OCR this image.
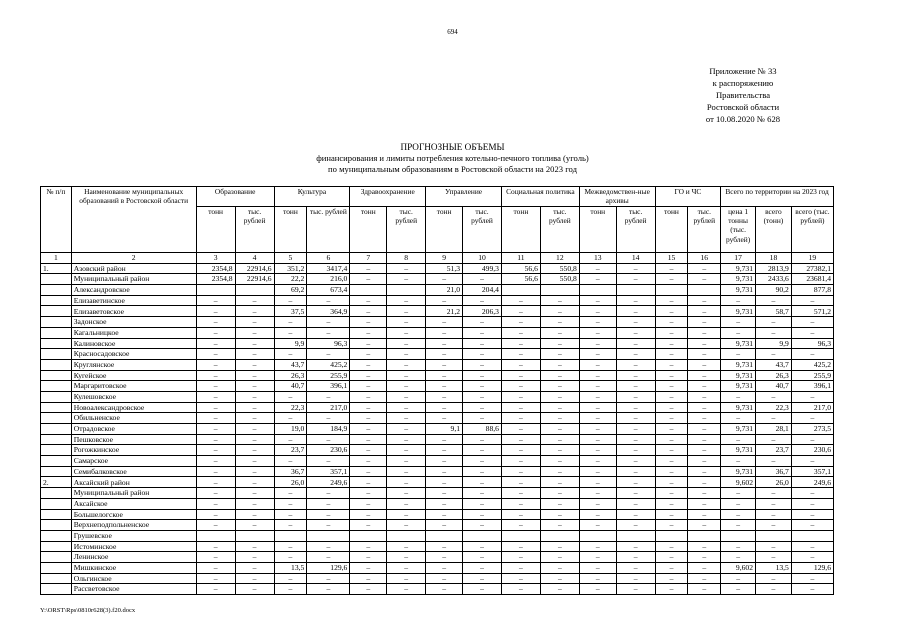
694
Приложение № 33
к распоряжению
Правительства
Ростовской области
от 10.08.2020 № 628
ПРОГНОЗНЫЕ ОБЪЕМЫ
финансирования и лимиты потребления котельно-печного топлива (уголь)
по муниципальным образованиям в Ростовской области на 2023 год
№ п/п	Наименование муниципальных образований в Ростовской области	Образование		Культура		Здравоохранение		Управление		Социальная политика		Межведомствен-ные архивы		ГО и ЧС		Всего по территории на 2023 год		
		тонн	тыс. рублей	тонн	тыс. рублей	тонн	тыс. рублей	тонн	тыс. рублей	тонн	тыс. рублей	тонн	тыс. рублей	тонн	тыс. рублей	цена 1 тонны (тыс. рублей)	всего (тонн)	всего (тыс. рублей)
1	2	3	4	5	6	7	8	9	10	11	12	13	14	15	16	17	18	19
1.	Азовский район	2354,8	22914,6	351,2	3417,4	–	–	51,3	499,3	56,6	550,8	–	–	–	–	9,731	2813,9	27382,1
	Муниципальный район	2354,8	22914,6	22,2	216,0	–	–	–	–	56,6	550,8	–	–	–	–	9,731	2433,6	23681,4
	Александровское			69,2	673,4			21,0	204,4							9,731	90,2	877,8
	Елизаветинское	–	–	–	–	–	–	–	–	–	–	–	–	–	–	–	–	–
	Елизаветовское	–	–	37,5	364,9	–	–	21,2	206,3	–	–	–	–	–	–	9,731	58,7	571,2
	Задонское	–	–	–	–	–	–	–	–	–	–	–	–	–	–	–	–	–
	Кагальницкое	–	–	–	–	–	–	–	–	–	–	–	–	–	–	–	–	–
	Калиновское	–	–	9,9	96,3	–	–	–	–	–	–	–	–	–	–	9,731	9,9	96,3
	Красносадовское	–	–	–	–	–	–	–	–	–	–	–	–	–	–	–	–	–
	Круглянское	–	–	43,7	425,2	–	–	–	–	–	–	–	–	–	–	9,731	43,7	425,2
	Кугейское	–	–	26,3	255,9	–	–	–	–	–	–	–	–	–	–	9,731	26,3	255,9
	Маргаритовское	–	–	40,7	396,1	–	–	–	–	–	–	–	–	–	–	9,731	40,7	396,1
	Кулешовское	–	–	–	–	–	–	–	–	–	–	–	–	–	–	–	–	–
	Новоалександровское	–	–	22,3	217,0	–	–	–	–	–	–	–	–	–	–	9,731	22,3	217,0
	Обильненское	–	–	–	–	–	–	–	–	–	–	–	–	–	–	–	–	–
	Отрадовское	–	–	19,0	184,9	–	–	9,1	88,6	–	–	–	–	–	–	9,731	28,1	273,5
	Пешковское	–	–	–	–	–	–	–	–	–	–	–	–	–	–	–	–	–
	Рогожкинское	–	–	23,7	230,6	–	–	–	–	–	–	–	–	–	–	9,731	23,7	230,6
	Самарское	–	–	–	–	–	–	–	–	–	–	–	–	–	–	–	–	–
	Семибалковское	–	–	36,7	357,1	–	–	–	–	–	–	–	–	–	–	9,731	36,7	357,1
2.	Аксайский район	–	–	26,0	249,6	–	–	–	–	–	–	–	–	–	–	9,602	26,0	249,6
	Муниципальный район	–	–	–	–	–	–	–	–	–	–	–	–	–	–	–	–	–
	Аксайское	–	–	–	–	–	–	–	–	–	–	–	–	–	–	–	–	–
	Большелогское	–	–	–	–	–	–	–	–	–	–	–	–	–	–	–	–	–
	Верхнеподпольненское	–	–	–	–	–	–	–	–	–	–	–	–	–	–	–	–	–
	Грушевское																	
	Истоминское	–	–	–	–	–	–	–	–	–	–	–	–	–	–	–	–	–
	Ленинское	–	–	–	–	–	–	–	–	–	–	–	–	–	–	–	–	–
	Мишкинское	–	–	13,5	129,6	–	–	–	–	–	–	–	–	–	–	9,602	13,5	129,6
	Ольгинское	–	–	–	–	–	–	–	–	–	–	–	–	–	–	–	–	–
	Рассветовское	–	–	–	–	–	–	–	–	–	–	–	–	–	–	–	–	–
Y:\ORST\Rps\0810r628(3).f20.docx
